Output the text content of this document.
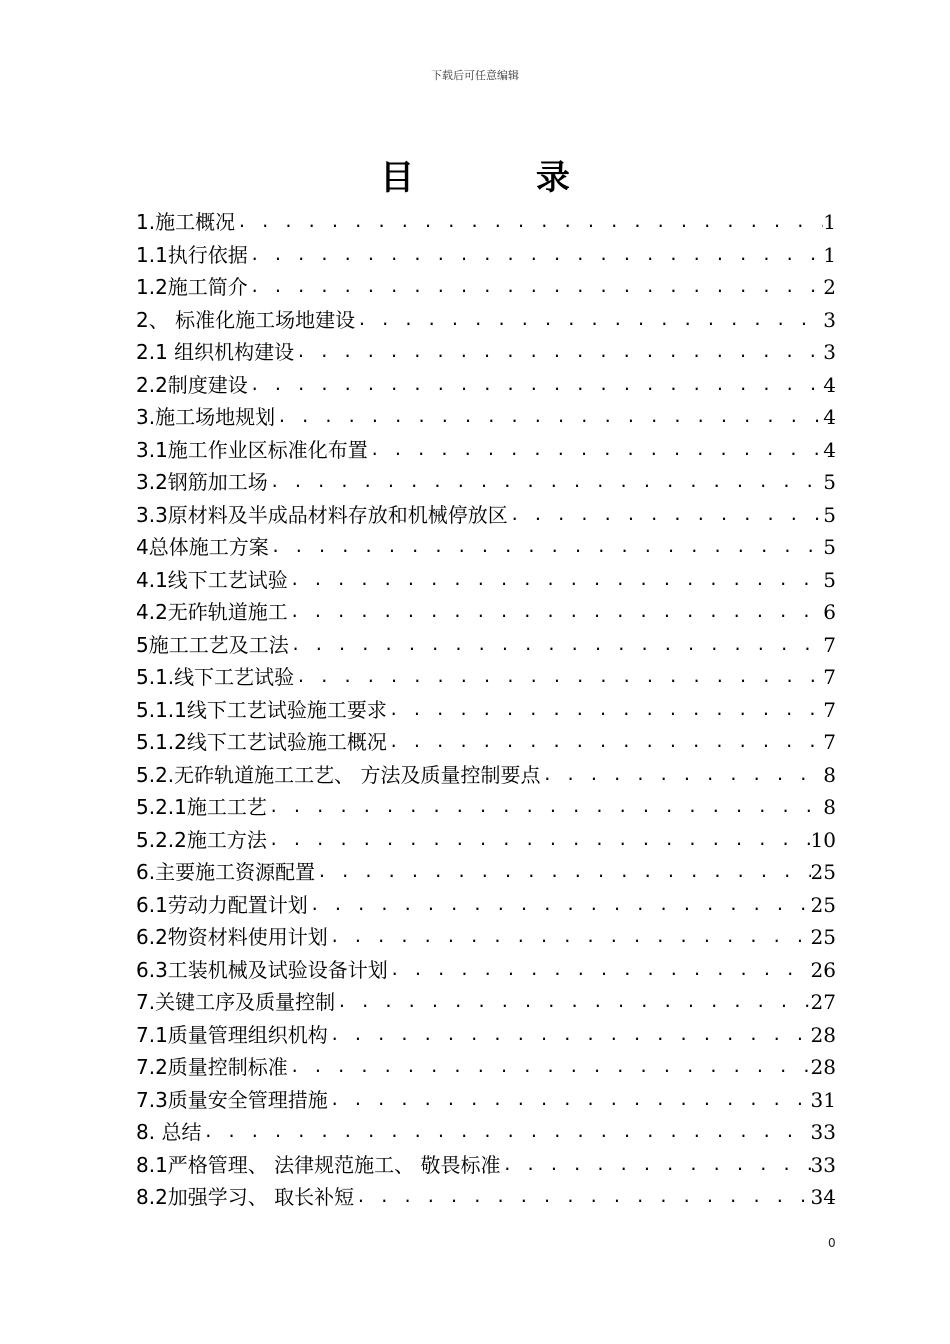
下载后可任意编辑
目 录
1.施工概况 . . .	1
1.1执行依据 . . .	1
1.2施工简介 . . .	2
2、 标准化施工场地建设 . . .	3
2.1 组织机构建设 . . .	3
2.2制度建设 . . .	4
3.施工场地规划 . . .	4
3.1施工作业区标准化布置 . . .	4
3.2钢筋加工场 . . .	5
3.3原材料及半成品材料存放和机械停放区 . . .	5
4总体施工方案 . . .	5
4.1线下工艺试验 . . .	5
4.2无砟轨道施工 . . .	6
5施工工艺及工法 . . .	7
5.1.线下工艺试验 . . .	7
5.1.1线下工艺试验施工要求 . . .	7
5.1.2线下工艺试验施工概况 . . .	7
5.2.无砟轨道施工工艺、 方法及质量控制要点 . . .	8
5.2.1施工工艺 . . .	8
5.2.2施工方法 . . .	10
6.主要施工资源配置 . . .	25
6.1劳动力配置计划 . . .	25
6.2物资材料使用计划 . . .	25
6.3工装机械及试验设备计划 . . .	26
7.关键工序及质量控制 . . .	27
7.1质量管理组织机构 . . .	28
7.2质量控制标准 . . .	28
7.3质量安全管理措施 . . .	31
8. 总结 . . .	33
8.1严格管理、 法律规范施工、 敬畏标准 . . .	33
8.2加强学习、 取长补短 . . .	34
0
